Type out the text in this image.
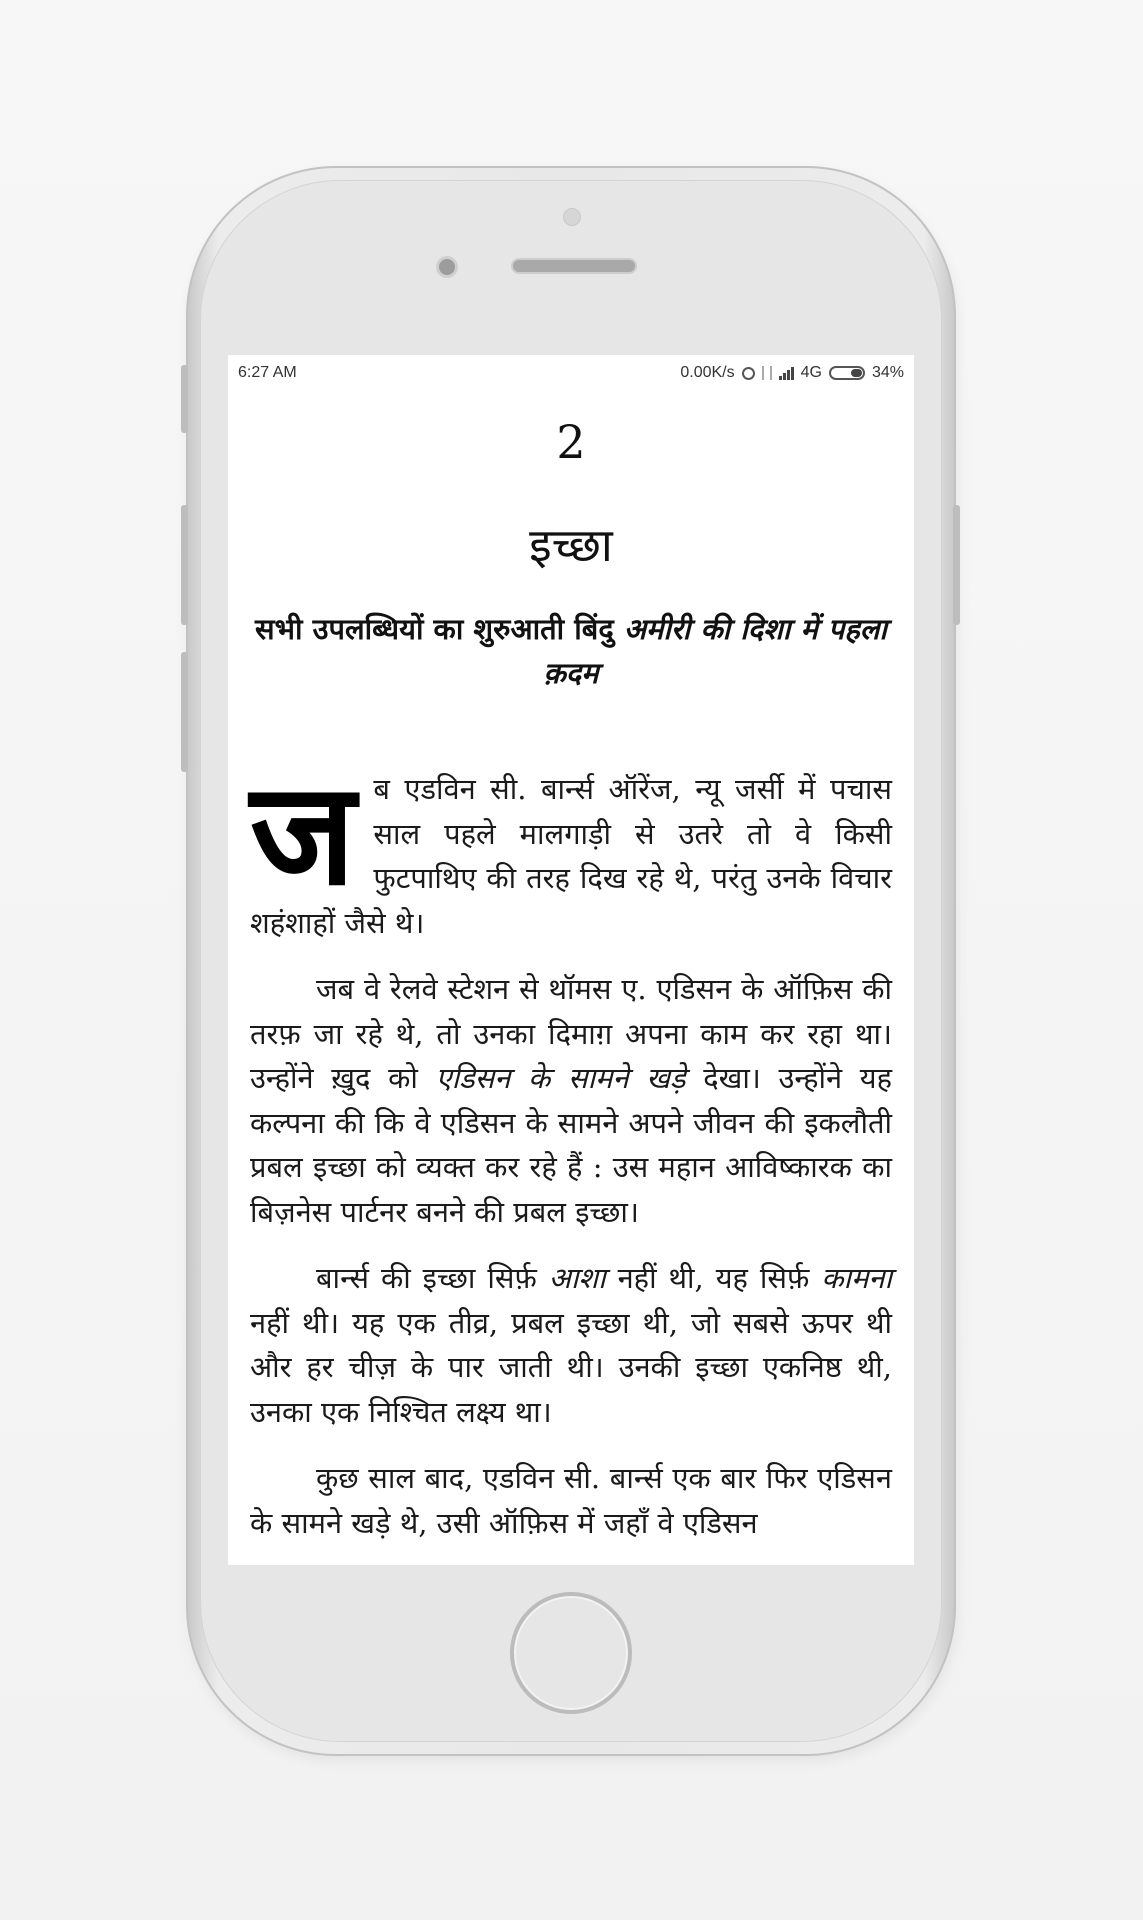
6:27 AM	0.00K/s	4G	34%
2
इच्छा
सभी उपलब्धियों का शुरुआती बिंदु अमीरी की दिशा में पहला क़दम

जब एडविन सी. बार्न्स ऑरेंज, न्यू जर्सी में पचास साल पहले मालगाड़ी से उतरे तो वे किसी फुटपाथिए की तरह दिख रहे थे, परंतु उनके विचार शहंशाहों जैसे थे।

जब वे रेलवे स्टेशन से थॉमस ए. एडिसन के ऑफ़िस की तरफ़ जा रहे थे, तो उनका दिमाग़ अपना काम कर रहा था। उन्होंने ख़ुद को एडिसन के सामने खड़े देखा। उन्होंने यह कल्पना की कि वे एडिसन के सामने अपने जीवन की इकलौती प्रबल इच्छा को व्यक्त कर रहे हैं : उस महान आविष्कारक का बिज़नेस पार्टनर बनने की प्रबल इच्छा।

बार्न्स की इच्छा सिर्फ़ आशा नहीं थी, यह सिर्फ़ कामना नहीं थी। यह एक तीव्र, प्रबल इच्छा थी, जो सबसे ऊपर थी और हर चीज़ के पार जाती थी। उनकी इच्छा एकनिष्ठ थी, उनका एक निश्चित लक्ष्य था।

कुछ साल बाद, एडविन सी. बार्न्स एक बार फिर एडिसन के सामने खड़े थे, उसी ऑफ़िस में जहाँ वे एडिसन
